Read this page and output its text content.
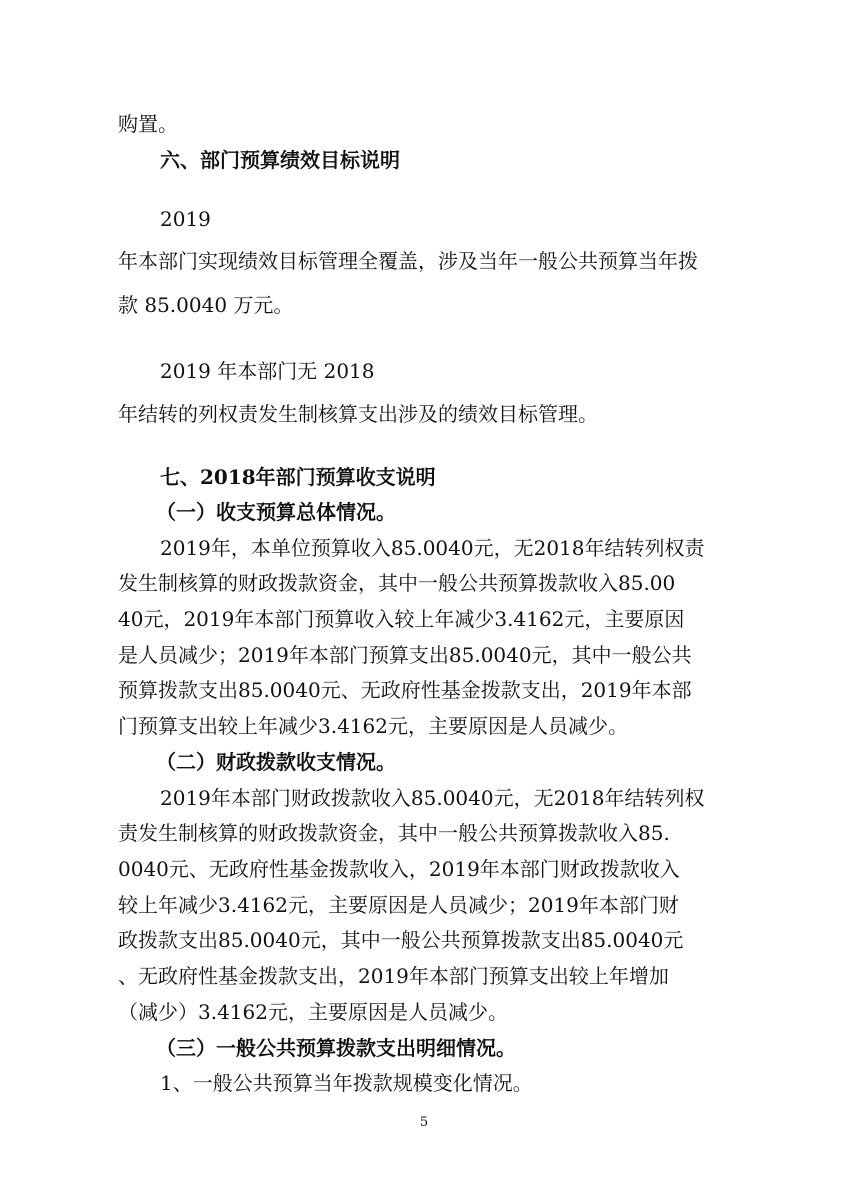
购置。
六、部门预算绩效目标说明
2019
年本部门实现绩效目标管理全覆盖，涉及当年一般公共预算当年拨
款 85.0040 万元。
2019 年本部门无 2018
年结转的列权责发生制核算支出涉及的绩效目标管理。
七、2018年部门预算收支说明
（一）收支预算总体情况。
2019年，本单位预算收入85.0040元，无2018年结转列权责
发生制核算的财政拨款资金，其中一般公共预算拨款收入85.00
40元，2019年本部门预算收入较上年减少3.4162元，主要原因
是人员减少；2019年本部门预算支出85.0040元，其中一般公共
预算拨款支出85.0040元、无政府性基金拨款支出，2019年本部
门预算支出较上年减少3.4162元，主要原因是人员减少。
（二）财政拨款收支情况。
2019年本部门财政拨款收入85.0040元，无2018年结转列权
责发生制核算的财政拨款资金，其中一般公共预算拨款收入85.
0040元、无政府性基金拨款收入，2019年本部门财政拨款收入
较上年减少3.4162元，主要原因是人员减少；2019年本部门财
政拨款支出85.0040元，其中一般公共预算拨款支出85.0040元
、无政府性基金拨款支出，2019年本部门预算支出较上年增加
（减少）3.4162元，主要原因是人员减少。
（三）一般公共预算拨款支出明细情况。
1、一般公共预算当年拨款规模变化情况。
5
